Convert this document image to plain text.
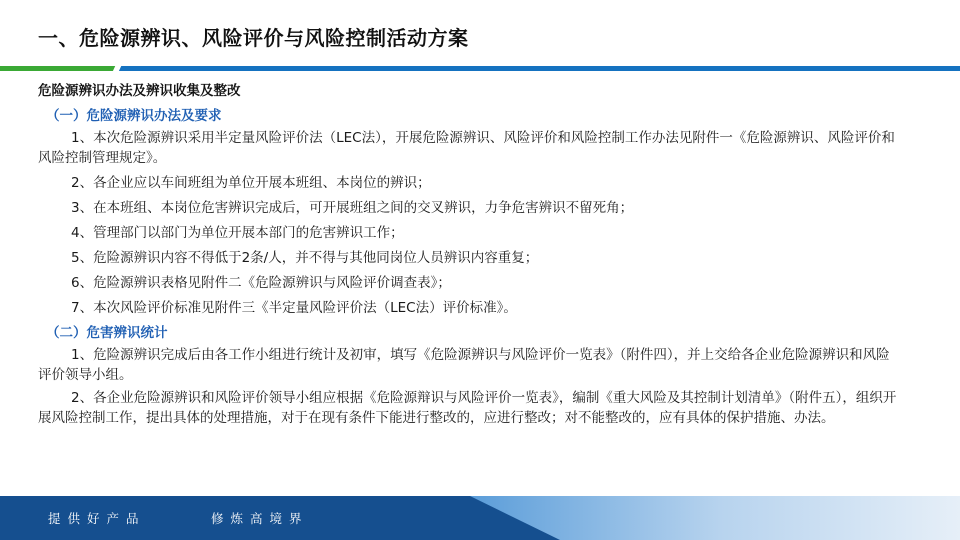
一、危险源辨识、风险评价与风险控制活动方案
危险源辨识办法及辨识收集及整改
（一）危险源辨识办法及要求
1、本次危险源辨识采用半定量风险评价法（LEC法），开展危险源辨识、风险评价和风险控制工作办法见附件一《危险源辨识、风险评价和风险控制管理规定》。
2、各企业应以车间班组为单位开展本班组、本岗位的辨识；
3、在本班组、本岗位危害辨识完成后，可开展班组之间的交叉辨识，力争危害辨识不留死角；
4、管理部门以部门为单位开展本部门的危害辨识工作；
5、危险源辨识内容不得低于2条/人，并不得与其他同岗位人员辨识内容重复；
6、危险源辨识表格见附件二《危险源辨识与风险评价调查表》；
7、本次风险评价标准见附件三《半定量风险评价法（LEC法）评价标准》。
（二）危害辨识统计
1、危险源辨识完成后由各工作小组进行统计及初审，填写《危险源辨识与风险评价一览表》（附件四），并上交给各企业危险源辨识和风险评价领导小组。
2、各企业危险源辨识和风险评价领导小组应根据《危险源辩识与风险评价一览表》，编制《重大风险及其控制计划清单》（附件五），组织开展风险控制工作，提出具体的处理措施，对于在现有条件下能进行整改的，应进行整改；对不能整改的，应有具体的保护措施、办法。
提供好产品	修炼高境界
